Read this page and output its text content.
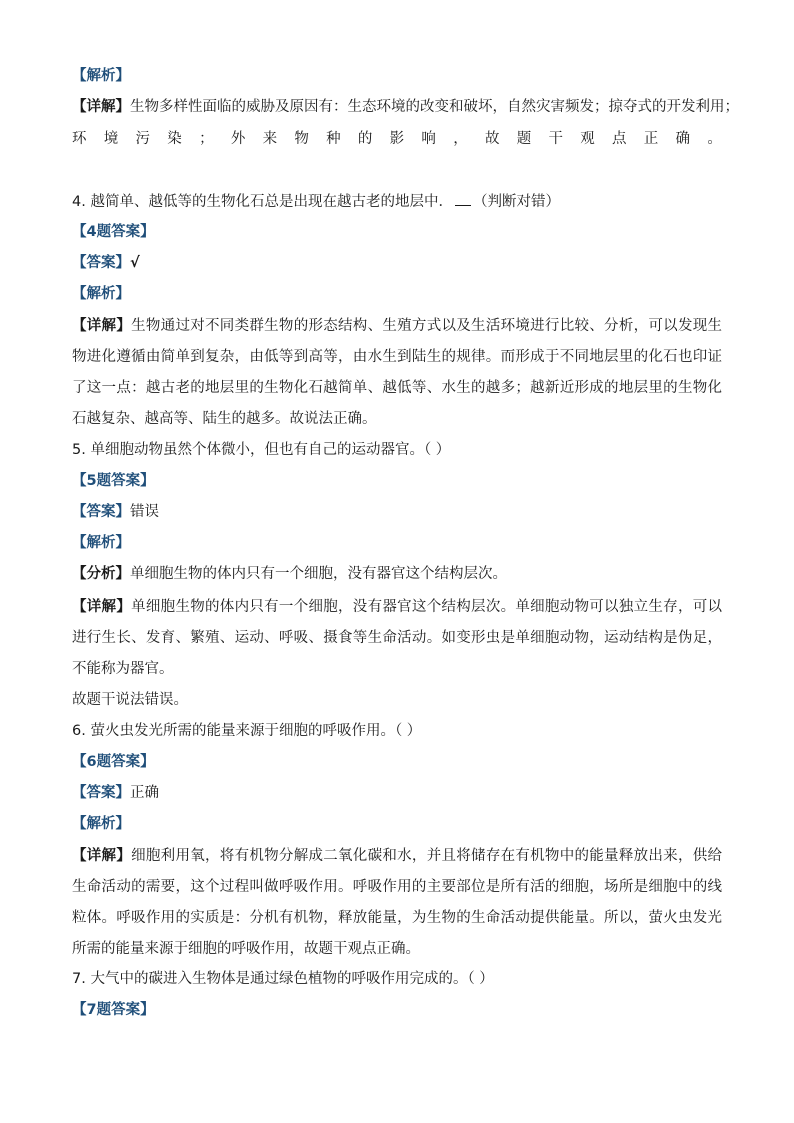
【解析】
【详解】生物多样性面临的威胁及原因有：生态环境的改变和破坏，自然灾害频发；掠夺式的开发利用；
环 境 污 染 ； 外 来 物 种 的 影 响 ， 故 题 干 观 点 正 确 。
4. 越简单、越低等的生物化石总是出现在越古老的地层中． （判断对错）
【4题答案】
【答案】√
【解析】
【详解】生物通过对不同类群生物的形态结构、生殖方式以及生活环境进行比较、分析，可以发现生物进化遵循由简单到复杂，由低等到高等，由水生到陆生的规律。而形成于不同地层里的化石也印证了这一点：越古老的地层里的生物化石越简单、越低等、水生的越多；越新近形成的地层里的生物化石越复杂、越高等、陆生的越多。故说法正确。
5. 单细胞动物虽然个体微小，但也有自己的运动器官。（ ）
【5题答案】
【答案】错误
【解析】
【分析】单细胞生物的体内只有一个细胞，没有器官这个结构层次。
【详解】单细胞生物的体内只有一个细胞，没有器官这个结构层次。单细胞动物可以独立生存，可以进行生长、发育、繁殖、运动、呼吸、摄食等生命活动。如变形虫是单细胞动物，运动结构是伪足，不能称为器官。
故题干说法错误。
6. 萤火虫发光所需的能量来源于细胞的呼吸作用。（ ）
【6题答案】
【答案】正确
【解析】
【详解】细胞利用氧，将有机物分解成二氧化碳和水，并且将储存在有机物中的能量释放出来，供给生命活动的需要，这个过程叫做呼吸作用。呼吸作用的主要部位是所有活的细胞，场所是细胞中的线粒体。呼吸作用的实质是：分机有机物，释放能量，为生物的生命活动提供能量。所以，萤火虫发光所需的能量来源于细胞的呼吸作用，故题干观点正确。
7. 大气中的碳进入生物体是通过绿色植物的呼吸作用完成的。（ ）
【7题答案】
